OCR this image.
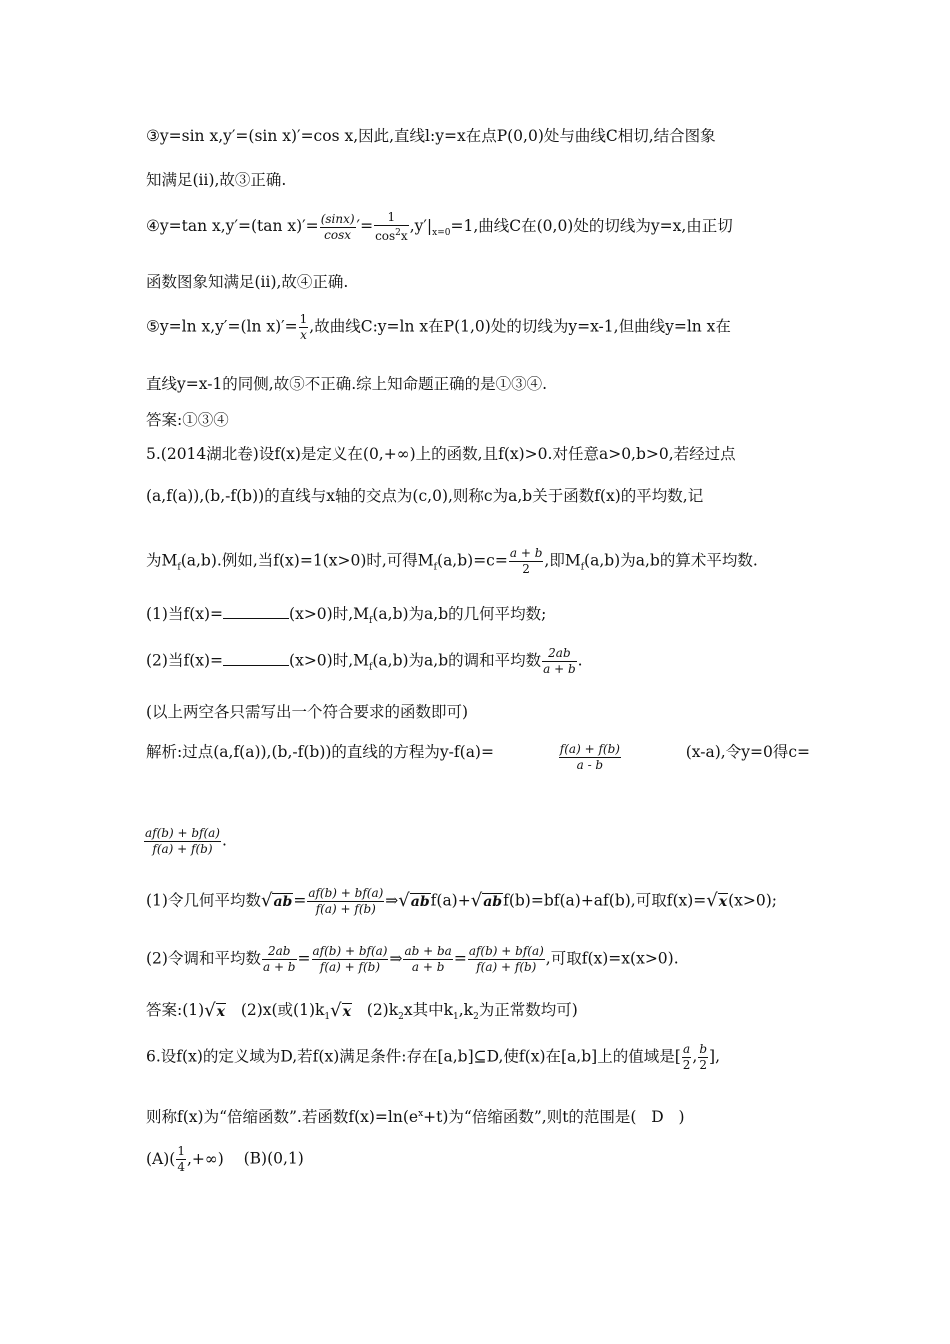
③y=sin x,y′=(sin x)′=cos x,因此,直线l:y=x在点P(0,0)处与曲线C相切,结合图象
知满足(ⅱ),故③正确.
④y=tan x,y′=(tan $x)'= \frac{(\sin x)}{\cos x}$ ′= $\frac{1}{\cos^2x} ,y'|_{x=0}=1$,曲线C在(0,0)处的切线为y=x,由正切
函数图象知满足(ⅱ),故④正确.
⑤y=ln x,y′=(ln $x)'= \frac{1}{x}$ ,故曲线C:y=ln x在P(1,0)处的切线为y=x-1,但曲线y=ln x在
直线y=x-1的同侧,故⑤不正确.综上知命题正确的是①③④.
答案:①③④
5.(2014湖北卷)设f(x)是定义在(0,+∞)上的函数,且f(x)>0.对任意a>0,b>0,若经过点
(a,f(a)),(b,-f(b))的直线与x轴的交点为(c,0),则称c为a,b关于函数f(x)的平均数,记
为$M_f(a,b)$.例如,当f(x)=1(x>0)时,可得$M_f(a,b)=c= \frac{a + b}{2}$ ,即$M_f(a,b)$为a,b的算术平均数.
(1)当f(x)=	(x>0)时$,M_f(a,b)$为a,b的几何平均数;
(2)当f(x)=	(x>0)时$,M_f(a,b)$为a,b的调和平均数 $\frac{2ab}{a + b}$ .
(以上两空各只需写出一个符合要求的函数即可)
解析:过点(a,f(a)),(b,-f(b))的直线的方程为y-f(a)=	$\frac{f(a) + f(b)}{a - b}$	(x-a),令y=0得c=
$\frac{af(b) + bf(a)}{f(a) + f(b)}$ .
(1)令几何平均数$√ab= \frac{af(b) + bf(a)}{f(a) + f(b)}$ ⇒√abf(a)+√abf(b)=bf(a)+af(b),可取f(x)=√x(x>0);
(2)令调和平均数 $\frac{2ab}{a + b} = \frac{af(b) + bf(a)}{f(a) + f(b)}$ ⇒ $\frac{ab + ba}{a + b} = \frac{af(b) + bf(a)}{f(a) + f(b)}$ ,可取f(x)=x(x>0).
答案:(1)√x (2)x(或$(1)k_1√x$ $(2)k_2x$其中$k_1,k_2$为正常数均可)
6.设f(x)的定义域为D,若f(x)满足条件:存在[a,b]⊆D,使f(x)在[a,b]上的值域是[ $\frac{a}{2}$ , $\frac{b}{2}$ ],
则称f(x)为“倍缩函数”.若函数$f(x)=\ln(e^x+t)$为“倍缩函数”,则t的范围是( D )
$(A)( \frac{1}{4}$ ,+∞) (B)(0,1)
